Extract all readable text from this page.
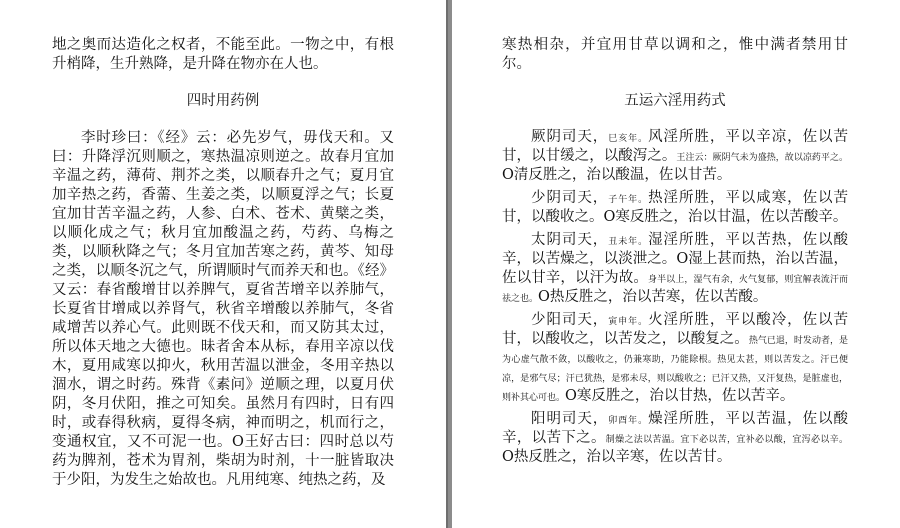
地之奥而达造化之权者，不能至此。一物之中，有根升梢降，生升熟降，是升降在物亦在人也。

四时用药例

李时珍曰：《经》云：必先岁气，毋伐天和。又曰：升降浮沉则顺之，寒热温凉则逆之。故春月宜加辛温之药，薄荷、荆芥之类，以顺春升之气；夏月宜加辛热之药，香薷、生姜之类，以顺夏浮之气；长夏宜加甘苦辛温之药，人参、白术、苍术、黄檗之类，以顺化成之气；秋月宜加酸温之药，芍药、乌梅之类，以顺秋降之气；冬月宜加苦寒之药，黄芩、知母之类，以顺冬沉之气，所谓顺时气而养天和也。《经》又云：春省酸增甘以养脾气，夏省苦增辛以养肺气，长夏省甘增咸以养肾气，秋省辛增酸以养肺气，冬省咸增苦以养心气。此则既不伐天和，而又防其太过，所以体天地之大德也。昧者舍本从标，春用辛凉以伐木，夏用咸寒以抑火，秋用苦温以泄金，冬用辛热以涸水，谓之时药。殊背《素问》逆顺之理，以夏月伏阴，冬月伏阳，推之可知矣。虽然月有四时，日有四时，或春得秋病，夏得冬病，神而明之，机而行之，变通权宜，又不可泥一也。O王好古曰：四时总以芍药为脾剂，苍术为胃剂，柴胡为时剂，十一脏皆取决于少阳，为发生之始故也。凡用纯寒、纯热之药，及

寒热相杂，并宜用甘草以调和之，惟中满者禁用甘尔。

五运六淫用药式

厥阴司天，巳亥年。风淫所胜，平以辛凉，佐以苦甘，以甘缓之，以酸泻之。王注云：厥阴气未为盛热，故以凉药平之。O清反胜之，治以酸温，佐以甘苦。

少阴司天，子午年。热淫所胜，平以咸寒，佐以苦甘，以酸收之。O寒反胜之，治以甘温，佐以苦酸辛。

太阴司天，丑未年。湿淫所胜，平以苦热，佐以酸辛，以苦燥之，以淡泄之。O湿上甚而热，治以苦温，佐以甘辛，以汗为故。身半以上，湿气有余，火气复郁，则宜解表流汗而祛之也。O热反胜之，治以苦寒，佐以苦酸。

少阳司天，寅申年。火淫所胜，平以酸冷，佐以苦甘，以酸收之，以苦发之，以酸复之。热气已退，时发动者，是为心虚气散不敛，以酸收之，仍兼寒助，乃能除根。热见太甚，则以苦发之。汗已便凉，是邪气尽；汗已犹热，是邪未尽，则以酸收之；已汗又热，又汗复热，是脏虚也，则补其心可也。O寒反胜之，治以甘热，佐以苦辛。

阳明司天，卯酉年。燥淫所胜，平以苦温，佐以酸辛，以苦下之。制燥之法以苦温。宜下必以苦，宜补必以酸，宜泻必以辛。O热反胜之，治以辛寒，佐以苦甘。
